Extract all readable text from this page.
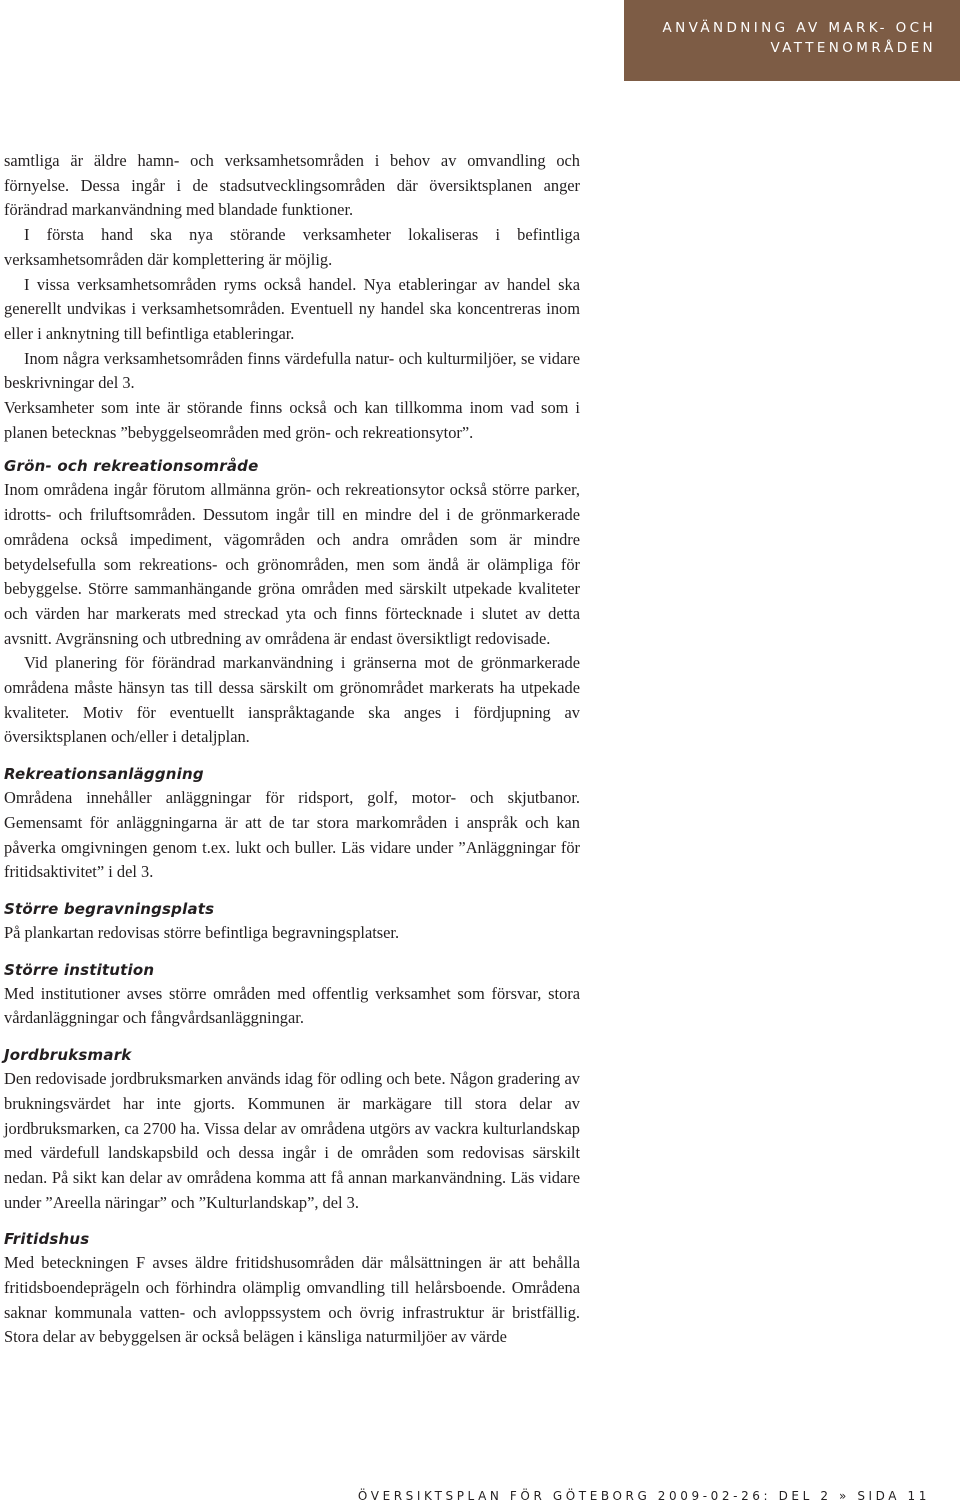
ANVÄNDNING AV MARK- OCH
VATTENOMRÅDEN

samtliga är äldre hamn- och verksamhetsområden i behov av omvandling och förnyelse. Dessa ingår i de stadsutvecklingsområden där översiktsplanen anger förändrad markanvändning med blandade funktioner.

I första hand ska nya störande verksamheter lokaliseras i befintliga verksamhetsområden där komplettering är möjlig.

I vissa verksamhetsområden ryms också handel. Nya etableringar av handel ska generellt undvikas i verksamhetsområden. Eventuell ny handel ska koncentreras inom eller i anknytning till befintliga etableringar.

Inom några verksamhetsområden finns värdefulla natur- och kulturmiljöer, se vidare beskrivningar del 3.

Verksamheter som inte är störande finns också och kan tillkomma inom vad som i planen betecknas ”bebyggelseområden med grön- och rekreationsytor”.

Grön- och rekreationsområde

Inom områdena ingår förutom allmänna grön- och rekreationsytor också större parker, idrotts- och friluftsområden. Dessutom ingår till en mindre del i de grönmarkerade områdena också impediment, vägområden och andra områden som är mindre betydelsefulla som rekreations- och grönområden, men som ändå är olämpliga för bebyggelse. Större sammanhängande gröna områden med särskilt utpekade kvaliteter och värden har markerats med streckad yta och finns förtecknade i slutet av detta avsnitt. Avgränsning och utbredning av områdena är endast översiktligt redovisade.

Vid planering för förändrad markanvändning i gränserna mot de grönmarkerade områdena måste hänsyn tas till dessa särskilt om grönområdet markerats ha utpekade kvaliteter. Motiv för eventuellt ianspråktagande ska anges i fördjupning av översiktsplanen och/eller i detaljplan.

Rekreationsanläggning

Områdena innehåller anläggningar för ridsport, golf, motor- och skjutbanor. Gemensamt för anläggningarna är att de tar stora markområden i anspråk och kan påverka omgivningen genom t.ex. lukt och buller. Läs vidare under ”Anläggningar för fritidsaktivitet” i del 3.

Större begravningsplats

På plankartan redovisas större befintliga begravningsplatser.

Större institution

Med institutioner avses större områden med offentlig verksamhet som försvar, stora vårdanläggningar och fångvårdsanläggningar.

Jordbruksmark

Den redovisade jordbruksmarken används idag för odling och bete. Någon gradering av brukningsvärdet har inte gjorts. Kommunen är markägare till stora delar av jordbruksmarken, ca 2700 ha. Vissa delar av områdena utgörs av vackra kulturlandskap med värdefull landskapsbild och dessa ingår i de områden som redovisas särskilt nedan. På sikt kan delar av områdena komma att få annan markanvändning. Läs vidare under ”Areella näringar” och ”Kulturlandskap”, del 3.

Fritidshus

Med beteckningen F avses äldre fritidshusområden där målsättningen är att behålla fritidsboendeprägeln och förhindra olämplig omvandling till helårsboende. Områdena saknar kommunala vatten- och avloppssystem och övrig infrastruktur är bristfällig. Stora delar av bebyggelsen är också belägen i känsliga naturmiljöer av värde

ÖVERSIKTSPLAN FÖR GÖTEBORG 2009-02-26: DEL 2 » SIDA 11
